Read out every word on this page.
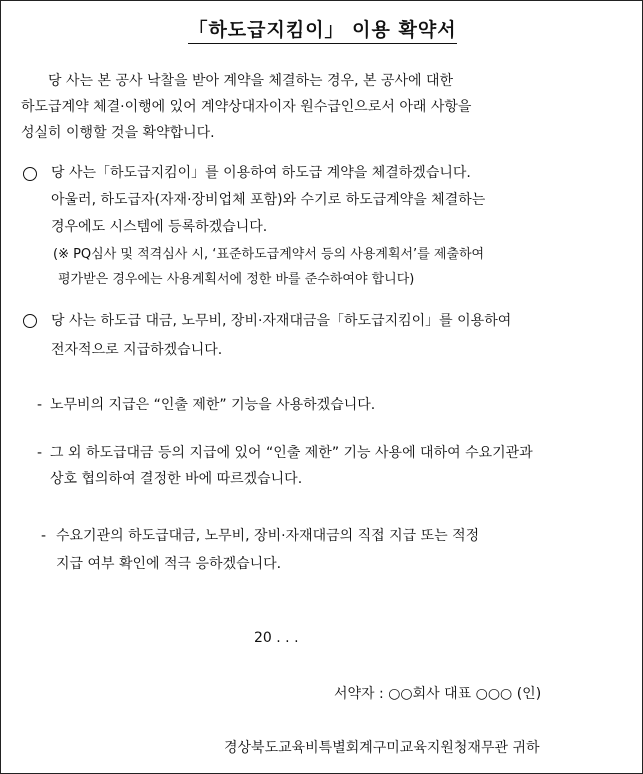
「하도급지킴이」 이용 확약서
당 사는 본 공사 낙찰을 받아 계약을 체결하는 경우, 본 공사에 대한
하도급계약 체결·이행에 있어 계약상대자이자 원수급인으로서 아래 사항을
성실히 이행할 것을 확약합니다.
당 사는「하도급지킴이」를 이용하여 하도급 계약을 체결하겠습니다.
아울러, 하도급자(자재·장비업체 포함)와 수기로 하도급계약을 체결하는
경우에도 시스템에 등록하겠습니다.
(※ PQ심사 및 적격심사 시, ‘표준하도급계약서 등의 사용계획서’를 제출하여
평가받은 경우에는 사용계획서에 정한 바를 준수하여야 합니다)
당 사는 하도급 대금, 노무비, 장비·자재대금을「하도급지킴이」를 이용하여
전자적으로 지급하겠습니다.
- 노무비의 지급은 “인출 제한” 기능을 사용하겠습니다.
- 그 외 하도급대금 등의 지급에 있어 “인출 제한” 기능 사용에 대하여 수요기관과
상호 협의하여 결정한 바에 따르겠습니다.
- 수요기관의 하도급대금, 노무비, 장비·자재대금의 직접 지급 또는 적정
지급 여부 확인에 적극 응하겠습니다.
20 . . .
서약자 : ○○회사 대표 ○○○ (인)
경상북도교육비특별회계구미교육지원청재무관 귀하
